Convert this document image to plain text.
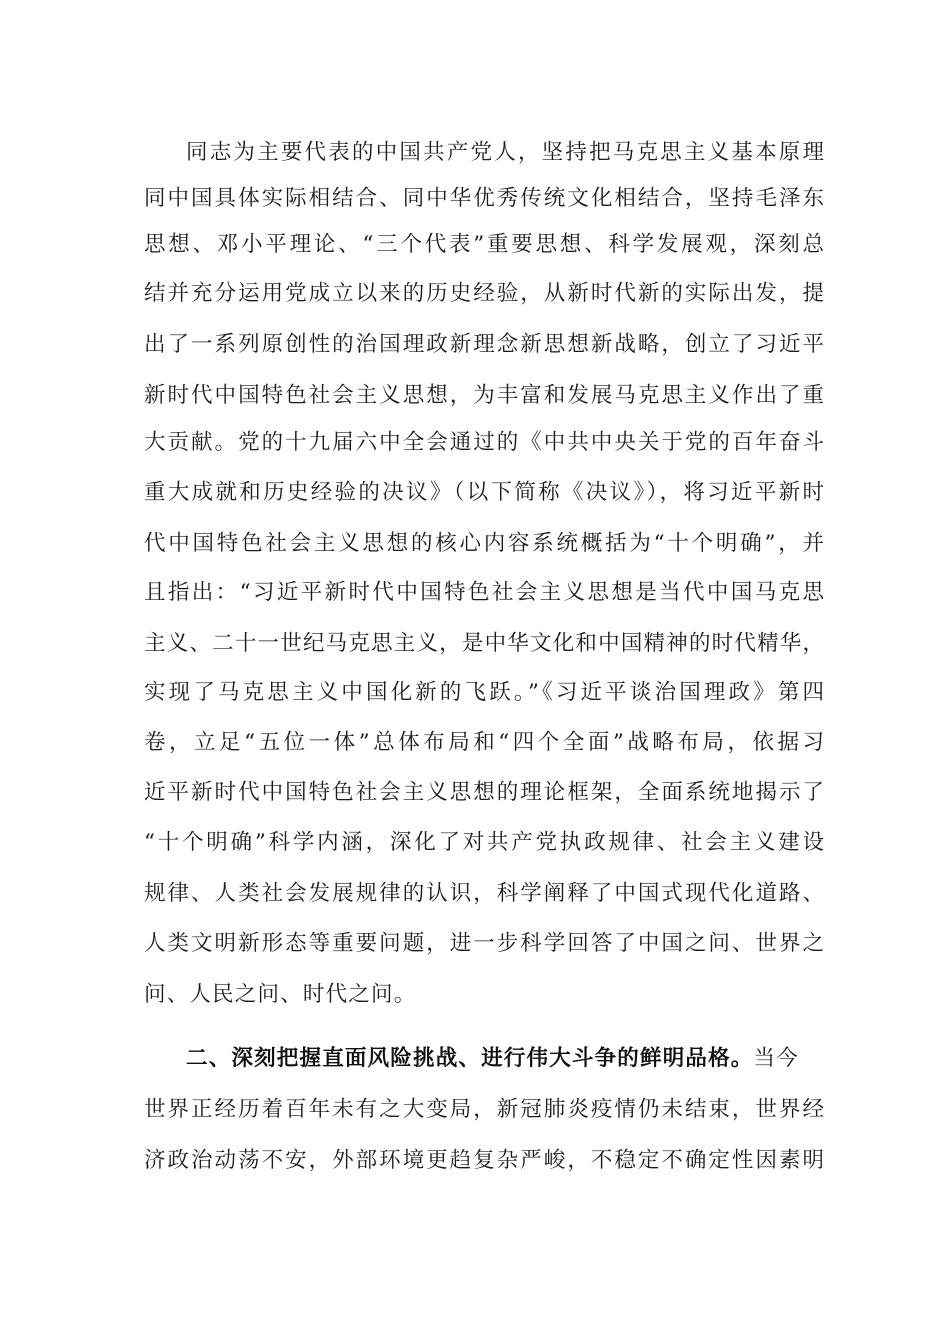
同志为主要代表的中国共产党人，坚持把马克思主义基本原理
同中国具体实际相结合、同中华优秀传统文化相结合，坚持毛泽东
思想、邓小平理论、“三个代表”重要思想、科学发展观，深刻总
结并充分运用党成立以来的历史经验，从新时代新的实际出发，提
出了一系列原创性的治国理政新理念新思想新战略，创立了习近平
新时代中国特色社会主义思想，为丰富和发展马克思主义作出了重
大贡献。党的十九届六中全会通过的《中共中央关于党的百年奋斗
重大成就和历史经验的决议》（以下简称《决议》），将习近平新时
代中国特色社会主义思想的核心内容系统概括为“十个明确”，并
且指出：“习近平新时代中国特色社会主义思想是当代中国马克思
主义、二十一世纪马克思主义，是中华文化和中国精神的时代精华，
实现了马克思主义中国化新的飞跃。”《习近平谈治国理政》第四
卷，立足“五位一体”总体布局和“四个全面”战略布局，依据习
近平新时代中国特色社会主义思想的理论框架，全面系统地揭示了
“十个明确”科学内涵，深化了对共产党执政规律、社会主义建设
规律、人类社会发展规律的认识，科学阐释了中国式现代化道路、
人类文明新形态等重要问题，进一步科学回答了中国之问、世界之
问、人民之问、时代之问。
二、深刻把握直面风险挑战、进行伟大斗争的鲜明品格。当今
世界正经历着百年未有之大变局，新冠肺炎疫情仍未结束，世界经
济政治动荡不安，外部环境更趋复杂严峻，不稳定不确定性因素明
